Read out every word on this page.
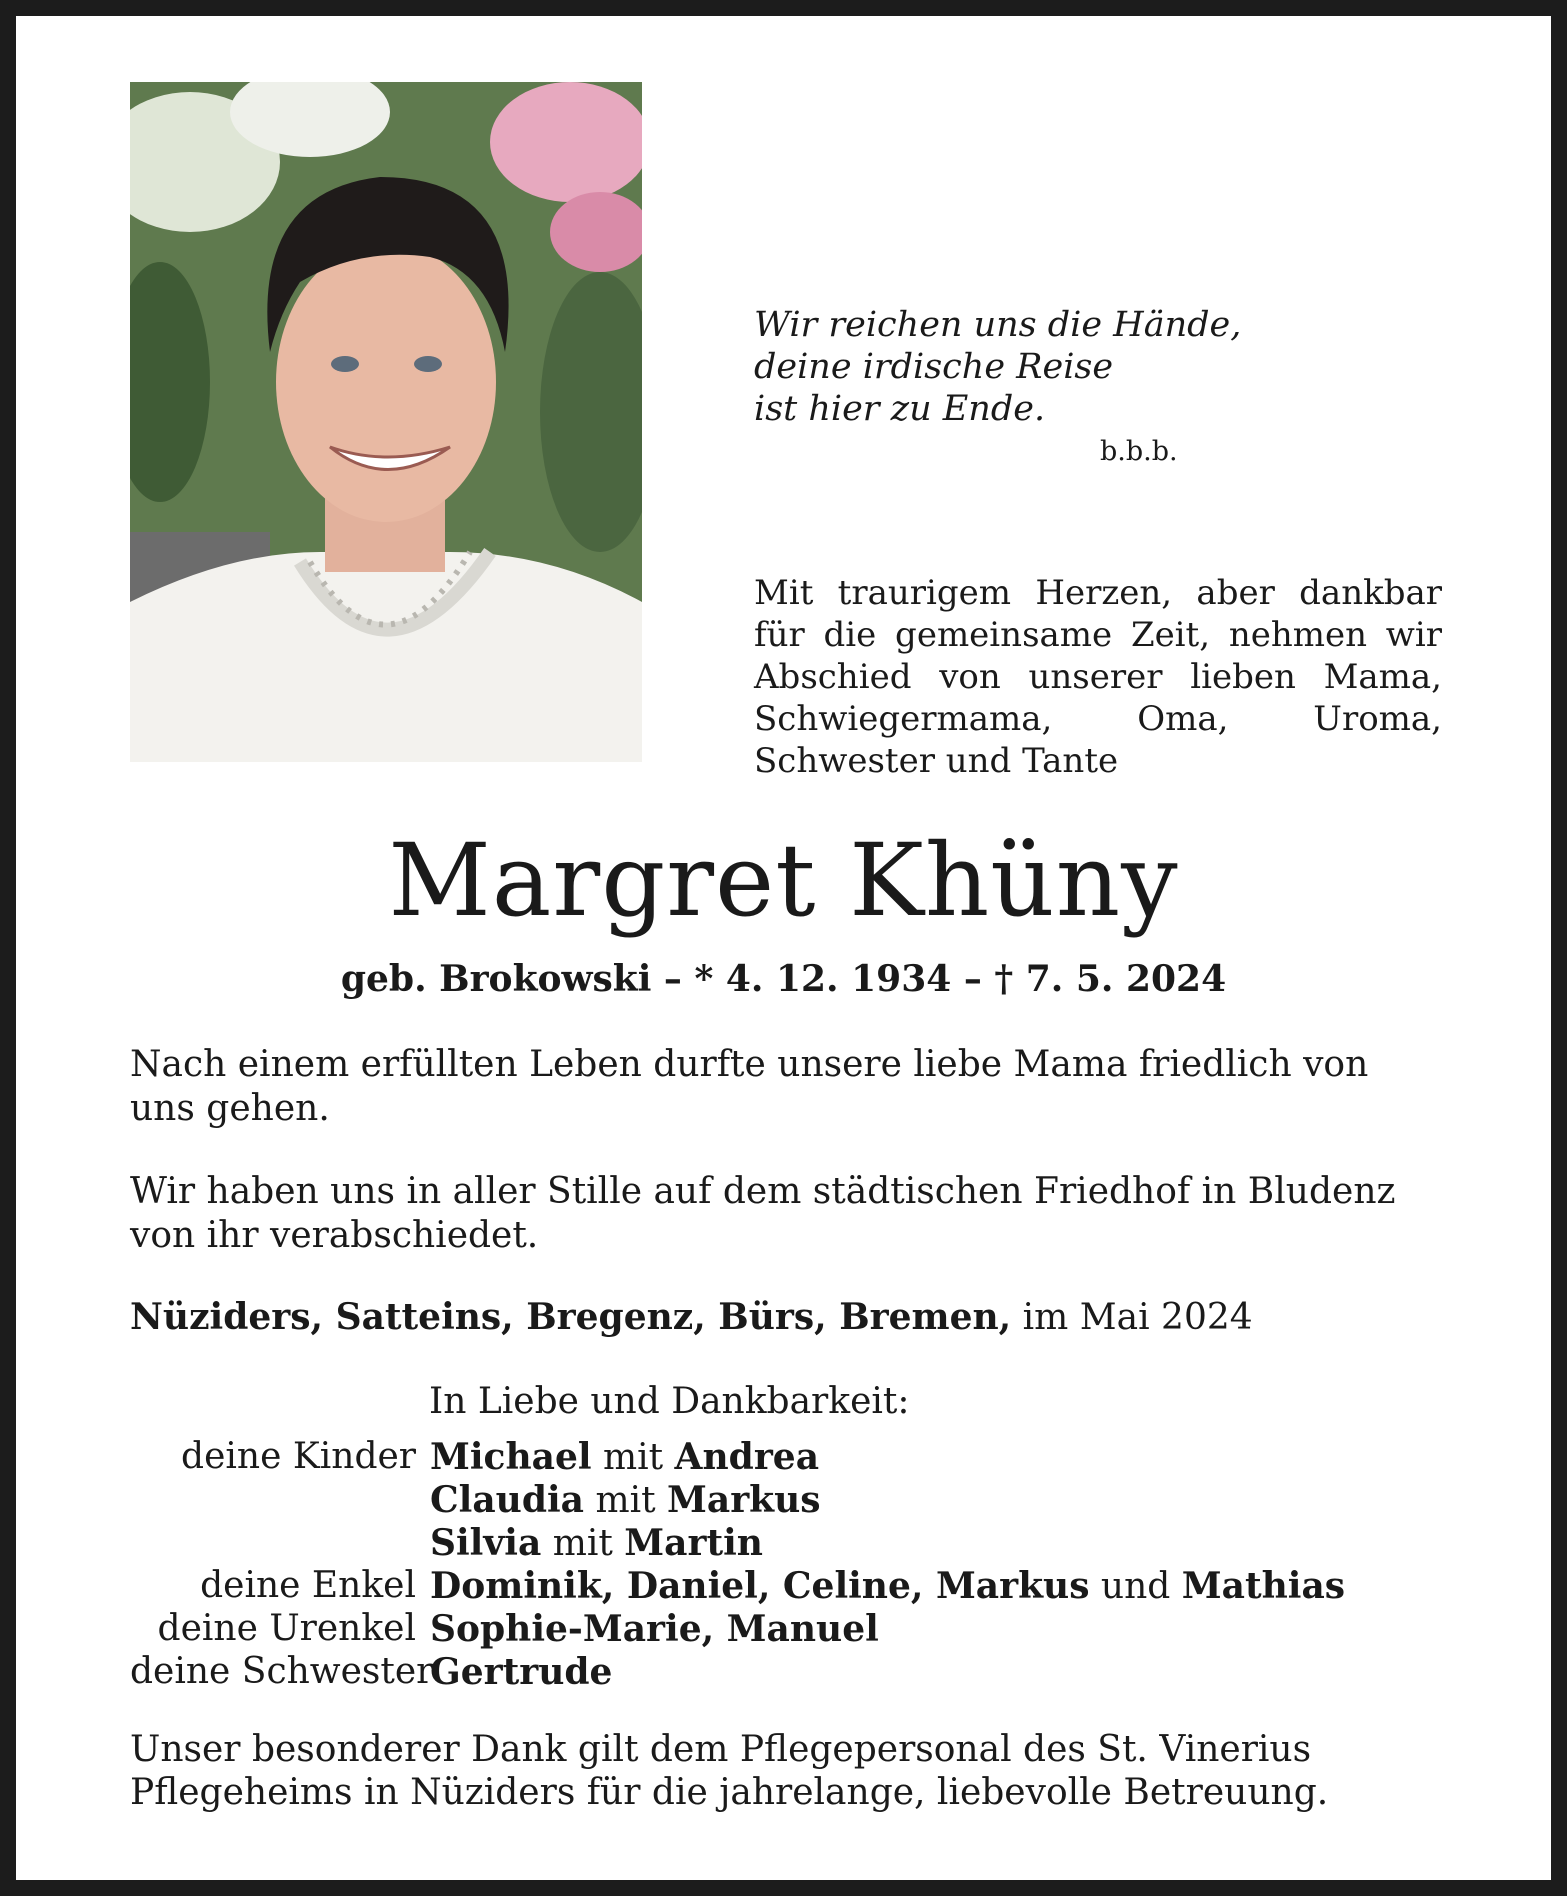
Wir reichen uns die Hände,
deine irdische Reise
ist hier zu Ende.
b.b.b.
Mit traurigem Herzen, aber dankbar für die gemeinsame Zeit, nehmen wir Abschied von unserer lieben Mama, Schwiegermama, Oma, Uroma, Schwester und Tante
Margret Khüny
geb. Brokowski – * 4. 12. 1934 – † 7. 5. 2024
Nach einem erfüllten Leben durfte unsere liebe Mama friedlich von uns gehen.
Wir haben uns in aller Stille auf dem städtischen Friedhof in Bludenz von ihr verabschiedet.
Nüziders, Satteins, Bregenz, Bürs, Bremen, im Mai 2024
In Liebe und Dankbarkeit:
deine Kinder Michael mit Andrea
Claudia mit Markus
Silvia mit Martin
deine Enkel Dominik, Daniel, Celine, Markus und Mathias
deine Urenkel Sophie-Marie, Manuel
deine Schwester
Gertrude
Unser besonderer Dank gilt dem Pflegepersonal des St. Vinerius Pflegeheims in Nüziders für die jahrelange, liebevolle Betreuung.
